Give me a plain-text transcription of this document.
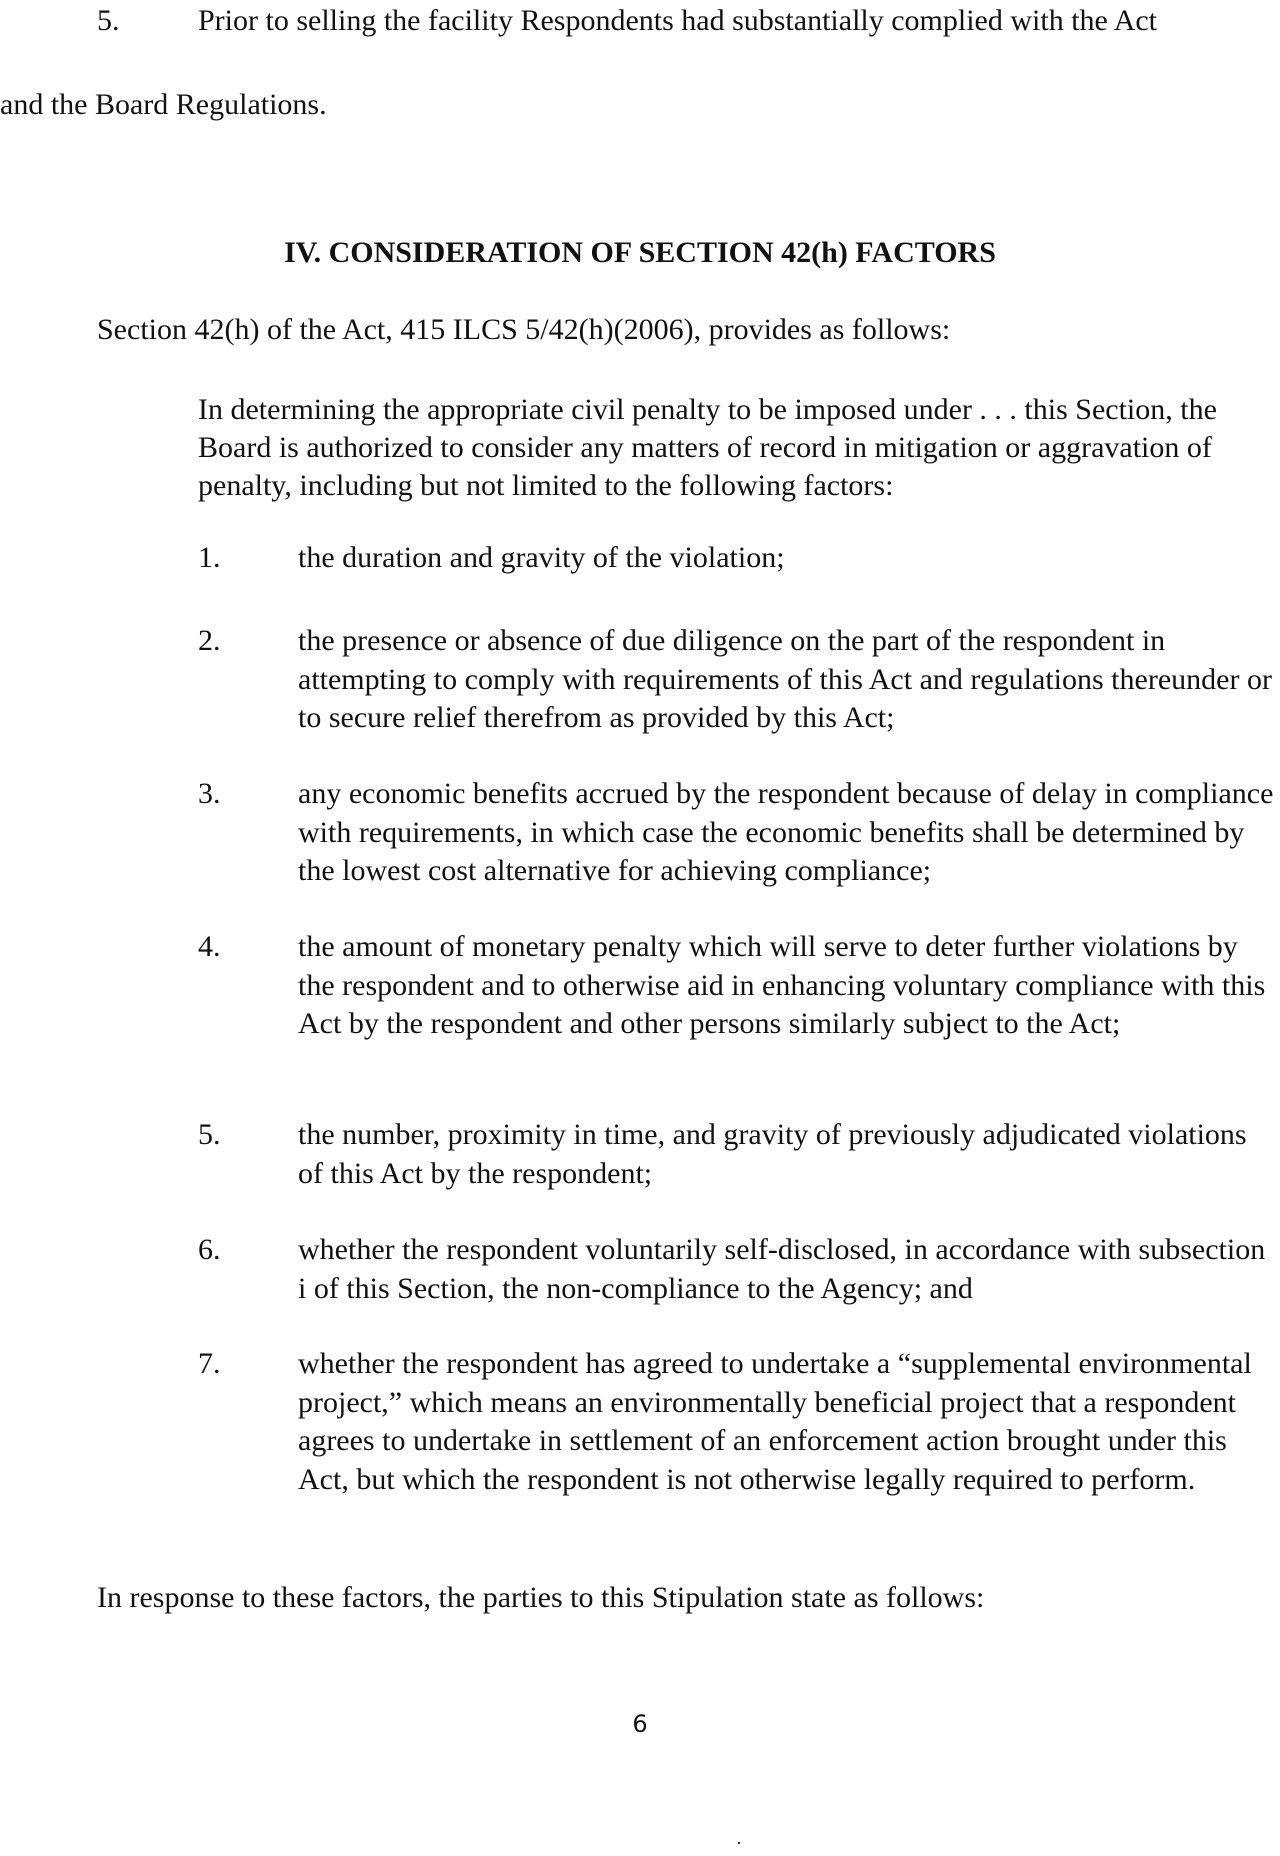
5.	Prior to selling the facility Respondents had substantially complied with the Act
and the Board Regulations.
IV. CONSIDERATION OF SECTION 42(h) FACTORS
Section 42(h) of the Act, 415 ILCS 5/42(h)(2006), provides as follows:
In determining the appropriate civil penalty to be imposed under . . . this Section, the Board is authorized to consider any matters of record in mitigation or aggravation of penalty, including but not limited to the following factors:
1.	the duration and gravity of the violation;
2.	the presence or absence of due diligence on the part of the respondent in attempting to comply with requirements of this Act and regulations thereunder or to secure relief therefrom as provided by this Act;
3.	any economic benefits accrued by the respondent because of delay in compliance with requirements, in which case the economic benefits shall be determined by the lowest cost alternative for achieving compliance;
4.	the amount of monetary penalty which will serve to deter further violations by the respondent and to otherwise aid in enhancing voluntary compliance with this Act by the respondent and other persons similarly subject to the Act;
5.	the number, proximity in time, and gravity of previously adjudicated violations of this Act by the respondent;
6.	whether the respondent voluntarily self-disclosed, in accordance with subsection i of this Section, the non-compliance to the Agency; and
7.	whether the respondent has agreed to undertake a “supplemental environmental project,” which means an environmentally beneficial project that a respondent agrees to undertake in settlement of an enforcement action brought under this Act, but which the respondent is not otherwise legally required to perform.
In response to these factors, the parties to this Stipulation state as follows:
6
